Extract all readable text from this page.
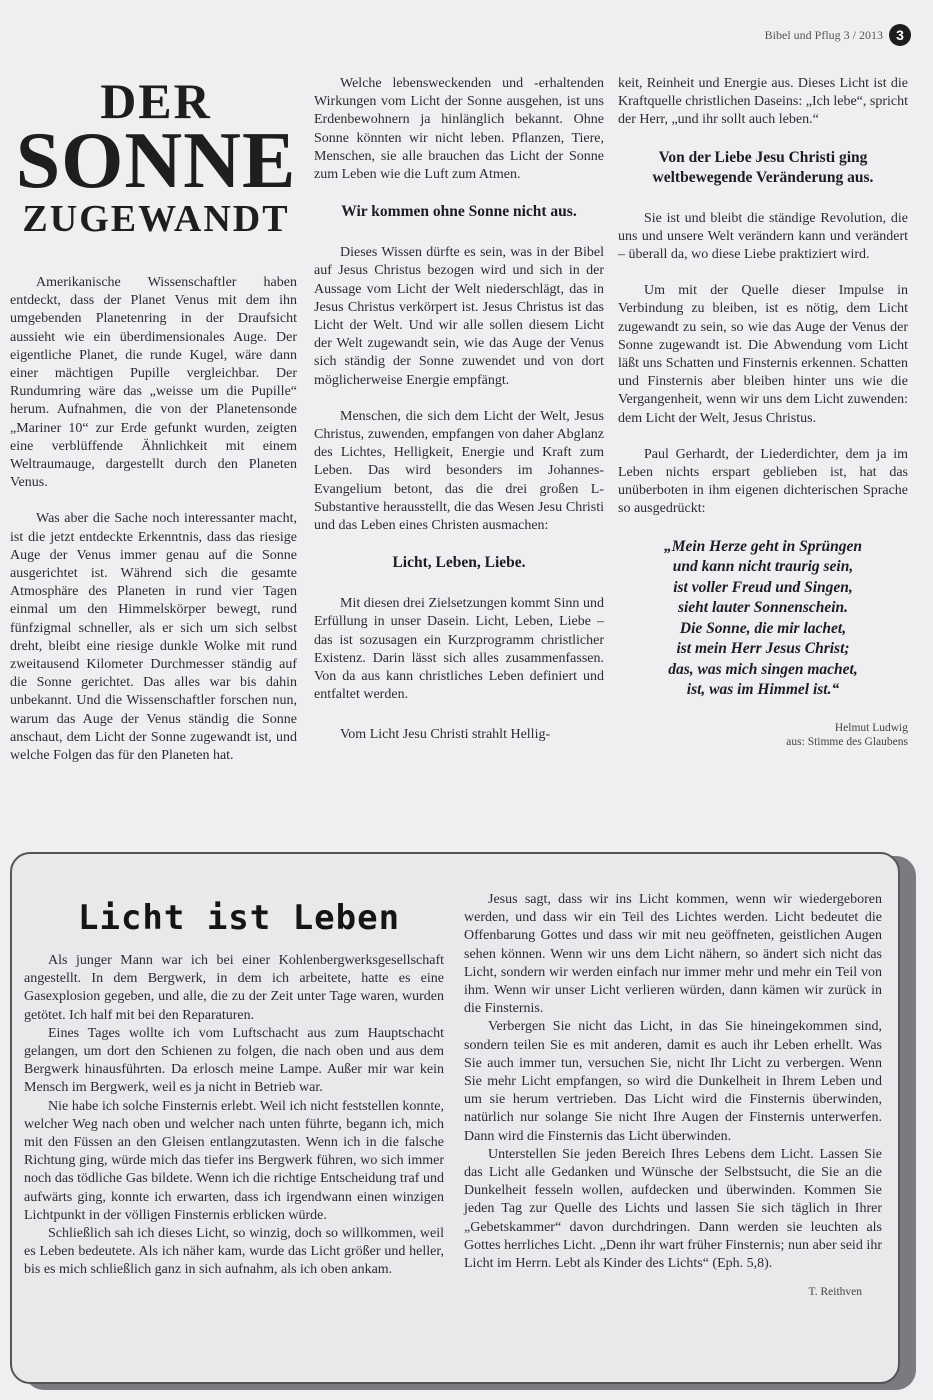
Bibel und Pflug 3 / 2013 3
DER
SONNE
ZUGEWANDT

Amerikanische Wissenschaftler haben entdeckt, dass der Planet Venus mit dem ihn umgebenden Planetenring in der Draufsicht aussieht wie ein überdimensionales Auge. Der eigentliche Planet, die runde Kugel, wäre dann einer mächtigen Pupille vergleichbar. Der Rundumring wäre das „weisse um die Pupille“ herum. Aufnahmen, die von der Planetensonde „Mariner 10“ zur Erde gefunkt wurden, zeigten eine verblüffende Ähnlichkeit mit einem Weltraumauge, dargestellt durch den Planeten Venus.

Was aber die Sache noch interessanter macht, ist die jetzt entdeckte Erkenntnis, dass das riesige Auge der Venus immer genau auf die Sonne ausgerichtet ist. Während sich die gesamte Atmosphäre des Planeten in rund vier Tagen einmal um den Himmelskörper bewegt, rund fünfzigmal schneller, als er sich um sich selbst dreht, bleibt eine riesige dunkle Wolke mit rund zweitausend Kilometer Durchmesser ständig auf die Sonne gerichtet. Das alles war bis dahin unbekannt. Und die Wissenschaftler forschen nun, warum das Auge der Venus ständig die Sonne anschaut, dem Licht der Sonne zugewandt ist, und welche Folgen das für den Planeten hat.

Welche lebensweckenden und -erhaltenden Wirkungen vom Licht der Sonne ausgehen, ist uns Erdenbewohnern ja hinlänglich bekannt. Ohne Sonne könnten wir nicht leben. Pflanzen, Tiere, Menschen, sie alle brauchen das Licht der Sonne zum Leben wie die Luft zum Atmen.

Wir kommen ohne Sonne nicht aus.

Dieses Wissen dürfte es sein, was in der Bibel auf Jesus Christus bezogen wird und sich in der Aussage vom Licht der Welt niederschlägt, das in Jesus Christus verkörpert ist. Jesus Christus ist das Licht der Welt. Und wir alle sollen diesem Licht der Welt zugewandt sein, wie das Auge der Venus sich ständig der Sonne zuwendet und von dort möglicherweise Energie empfängt.

Menschen, die sich dem Licht der Welt, Jesus Christus, zuwenden, empfangen von daher Abglanz des Lichtes, Helligkeit, Energie und Kraft zum Leben. Das wird besonders im Johannes-Evangelium betont, das die drei großen L-Substantive herausstellt, die das Wesen Jesu Christi und das Leben eines Christen ausmachen:

Licht, Leben, Liebe.

Mit diesen drei Zielsetzungen kommt Sinn und Erfüllung in unser Dasein. Licht, Leben, Liebe – das ist sozusagen ein Kurzprogramm christlicher Existenz. Darin lässt sich alles zusammenfassen. Von da aus kann christliches Leben definiert und entfaltet werden.

Vom Licht Jesu Christi strahlt Hellig-

keit, Reinheit und Energie aus. Dieses Licht ist die Kraftquelle christlichen Daseins: „Ich lebe“, spricht der Herr, „und ihr sollt auch leben.“

Von der Liebe Jesu Christi ging weltbewegende Veränderung aus.

Sie ist und bleibt die ständige Revolution, die uns und unsere Welt verändern kann und verändert – überall da, wo diese Liebe praktiziert wird.

Um mit der Quelle dieser Impulse in Verbindung zu bleiben, ist es nötig, dem Licht zugewandt zu sein, so wie das Auge der Venus der Sonne zugewandt ist. Die Abwendung vom Licht läßt uns Schatten und Finsternis erkennen. Schatten und Finsternis aber bleiben hinter uns wie die Vergangenheit, wenn wir uns dem Licht zuwenden: dem Licht der Welt, Jesus Christus.

Paul Gerhardt, der Liederdichter, dem ja im Leben nichts erspart geblieben ist, hat das unüberboten in ihm eigenen dichterischen Sprache so ausgedrückt:

„Mein Herze geht in Sprüngen
und kann nicht traurig sein,
ist voller Freud und Singen,
sieht lauter Sonnenschein.
Die Sonne, die mir lachet,
ist mein Herr Jesus Christ;
das, was mich singen machet,
ist, was im Himmel ist.“
Helmut Ludwig
aus: Stimme des Glaubens
Licht ist Leben

Als junger Mann war ich bei einer Kohlenbergwerksgesellschaft angestellt. In dem Bergwerk, in dem ich arbeitete, hatte es eine Gasexplosion gegeben, und alle, die zu der Zeit unter Tage waren, wurden getötet. Ich half mit bei den Reparaturen.

Eines Tages wollte ich vom Luftschacht aus zum Hauptschacht gelangen, um dort den Schienen zu folgen, die nach oben und aus dem Bergwerk hinausführten. Da erlosch meine Lampe. Außer mir war kein Mensch im Bergwerk, weil es ja nicht in Betrieb war.

Nie habe ich solche Finsternis erlebt. Weil ich nicht feststellen konnte, welcher Weg nach oben und welcher nach unten führte, begann ich, mich mit den Füssen an den Gleisen entlangzutasten. Wenn ich in die falsche Richtung ging, würde mich das tiefer ins Bergwerk führen, wo sich immer noch das tödliche Gas bildete. Wenn ich die richtige Entscheidung traf und aufwärts ging, konnte ich erwarten, dass ich irgendwann einen winzigen Lichtpunkt in der völligen Finsternis erblicken würde.

Schließlich sah ich dieses Licht, so winzig, doch so willkommen, weil es Leben bedeutete. Als ich näher kam, wurde das Licht größer und heller, bis es mich schließlich ganz in sich aufnahm, als ich oben ankam.

Jesus sagt, dass wir ins Licht kommen, wenn wir wiedergeboren werden, und dass wir ein Teil des Lichtes werden. Licht bedeutet die Offenbarung Gottes und dass wir mit neu geöffneten, geistlichen Augen sehen können. Wenn wir uns dem Licht nähern, so ändert sich nicht das Licht, sondern wir werden einfach nur immer mehr und mehr ein Teil von ihm. Wenn wir unser Licht verlieren würden, dann kämen wir zurück in die Finsternis.

Verbergen Sie nicht das Licht, in das Sie hineingekommen sind, sondern teilen Sie es mit anderen, damit es auch ihr Leben erhellt. Was Sie auch immer tun, versuchen Sie, nicht Ihr Licht zu verbergen. Wenn Sie mehr Licht empfangen, so wird die Dunkelheit in Ihrem Leben und um sie herum vertrieben. Das Licht wird die Finsternis überwinden, natürlich nur solange Sie nicht Ihre Augen der Finsternis unterwerfen. Dann wird die Finsternis das Licht überwinden.

Unterstellen Sie jeden Bereich Ihres Lebens dem Licht. Lassen Sie das Licht alle Gedanken und Wünsche der Selbstsucht, die Sie an die Dunkelheit fesseln wollen, aufdecken und überwinden. Kommen Sie jeden Tag zur Quelle des Lichts und lassen Sie sich täglich in Ihrer „Gebetskammer“ davon durchdringen. Dann werden sie leuchten als Gottes herrliches Licht. „Denn ihr wart früher Finsternis; nun aber seid ihr Licht im Herrn. Lebt als Kinder des Lichts“ (Eph. 5,8).

T. Reithven
